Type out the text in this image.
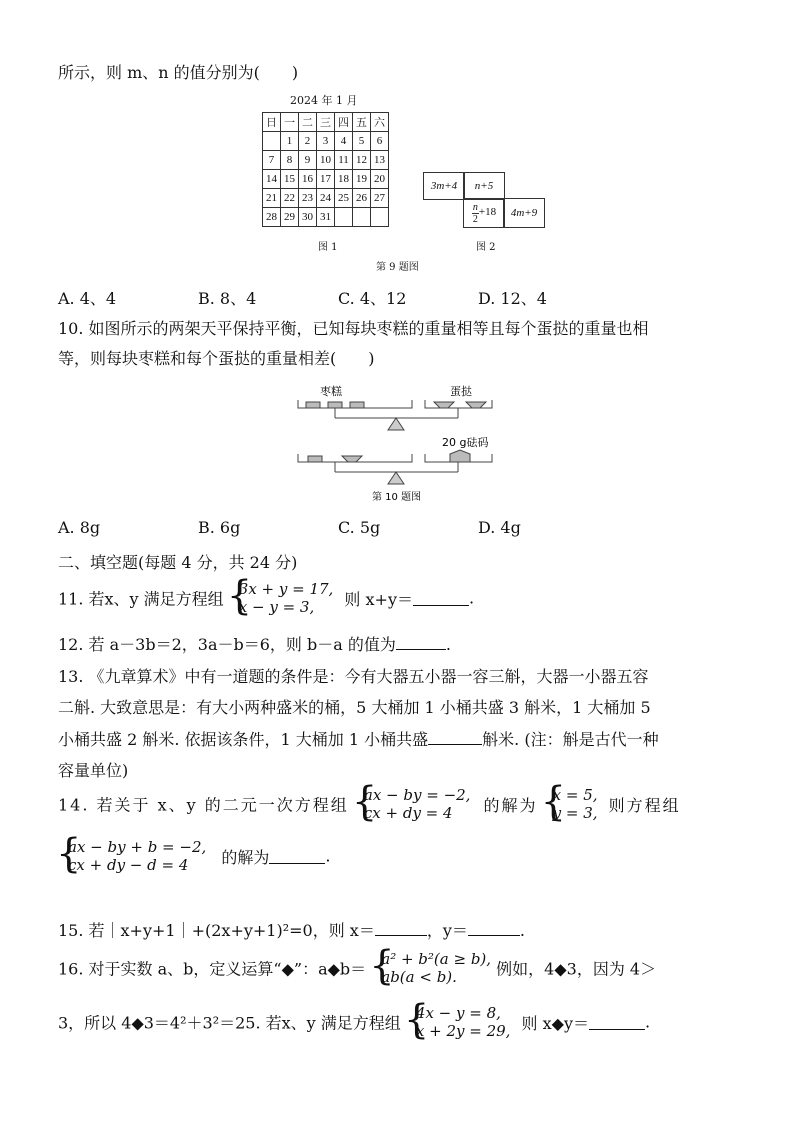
所示，则 m、n 的值分别为(　　)
2024 年 1 月
日	一	二	三	四	五	六
	1	2	3	4	5	6
7	8	9	10	11	12	13
14	15	16	17	18	19	20
21	22	23	24	25	26	27
28	29	30	31			
图 1
3m+4	n+5
$\frac{n}{2}+18$	4m+9
图 2
第 9 题图
A. 4、4	B. 8、4	C. 4、12	D. 12、4
10. 如图所示的两架天平保持平衡，已知每块枣糕的重量相等且每个蛋挞的重量也相
等，则每块枣糕和每个蛋挞的重量相差(　　)
枣糕	蛋挞
20 g砝码
第 10 题图
A. 8g	B. 6g	C. 5g	D. 4g
二、填空题(每题 4 分，共 24 分)
11. 若x、y 满足方程组 { 3x + y = 17,
x − y = 3, 则 x+y＝	.
12. 若 a－3b＝2，3a－b＝6，则 b－a 的值为	.
13. 《九章算术》中有一道题的条件是：今有大器五小器一容三斛，大器一小器五容
二斛. 大致意思是：有大小两种盛米的桶，5 大桶加 1 小桶共盛 3 斛米，1 大桶加 5
小桶共盛 2 斛米. 依据该条件，1 大桶加 1 小桶共盛	斛米. (注：斛是古代一种
容量单位)
14. 若关于 x、y 的二元一次方程组 { ax − by = −2,
cx + dy = 4 的解为 { x = 5,
y = 3, 则方程组
{ ax − by + b = −2,
cx + dy − d = 4 的解为	.
15. 若｜x+y+1｜+(2x+y+1)²=0，则 x＝	，y＝	.
16. 对于实数 a、b，定义运算“◆”：a◆b＝ { a² + b²(a ≥ b),
ab(a < b). 例如，4◆3，因为 4＞
3，所以 4◆3＝4²＋3²＝25. 若x、y 满足方程组 { 4x − y = 8,
x + 2y = 29, 则 x◆y＝	.
